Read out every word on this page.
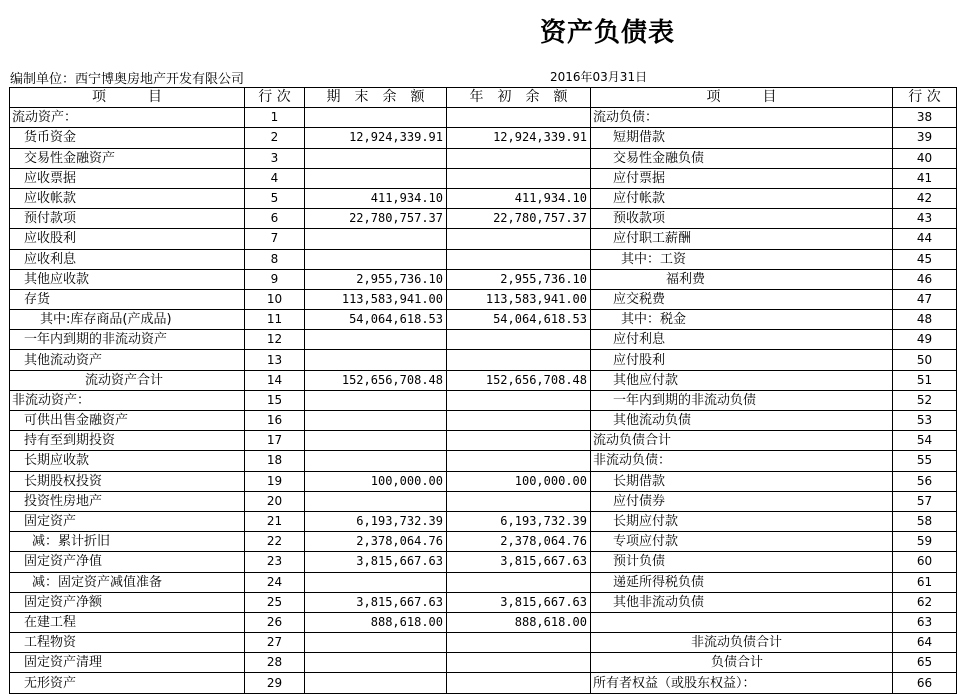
资产负债表
编制单位：西宁博奥房地产开发有限公司	2016年03月31日
项　　　目	行 次	期　末　余　额	年　初　余　额	项　　　目	行 次
流动资产：	1			流动负债：	38
货币资金	2	12,924,339.91	12,924,339.91	短期借款	39
交易性金融资产	3			交易性金融负债	40
应收票据	4			应付票据	41
应收帐款	5	411,934.10	411,934.10	应付帐款	42
预付款项	6	22,780,757.37	22,780,757.37	预收款项	43
应收股利	7			应付职工薪酬	44
应收利息	8			其中：工资	45
其他应收款	9	2,955,736.10	2,955,736.10	福利费	46
存货	10	113,583,941.00	113,583,941.00	应交税费	47
其中:库存商品(产成品)	11	54,064,618.53	54,064,618.53	其中：税金	48
一年内到期的非流动资产	12			应付利息	49
其他流动资产	13			应付股利	50
流动资产合计	14	152,656,708.48	152,656,708.48	其他应付款	51
非流动资产：	15			一年内到期的非流动负债	52
可供出售金融资产	16			其他流动负债	53
持有至到期投资	17			流动负债合计	54
长期应收款	18			非流动负债：	55
长期股权投资	19	100,000.00	100,000.00	长期借款	56
投资性房地产	20			应付债券	57
固定资产	21	6,193,732.39	6,193,732.39	长期应付款	58
减：累计折旧	22	2,378,064.76	2,378,064.76	专项应付款	59
固定资产净值	23	3,815,667.63	3,815,667.63	预计负债	60
减：固定资产减值准备	24			递延所得税负债	61
固定资产净额	25	3,815,667.63	3,815,667.63	其他非流动负债	62
在建工程	26	888,618.00	888,618.00		63
工程物资	27			非流动负债合计	64
固定资产清理	28			负债合计	65
无形资产	29			所有者权益（或股东权益）：	66
